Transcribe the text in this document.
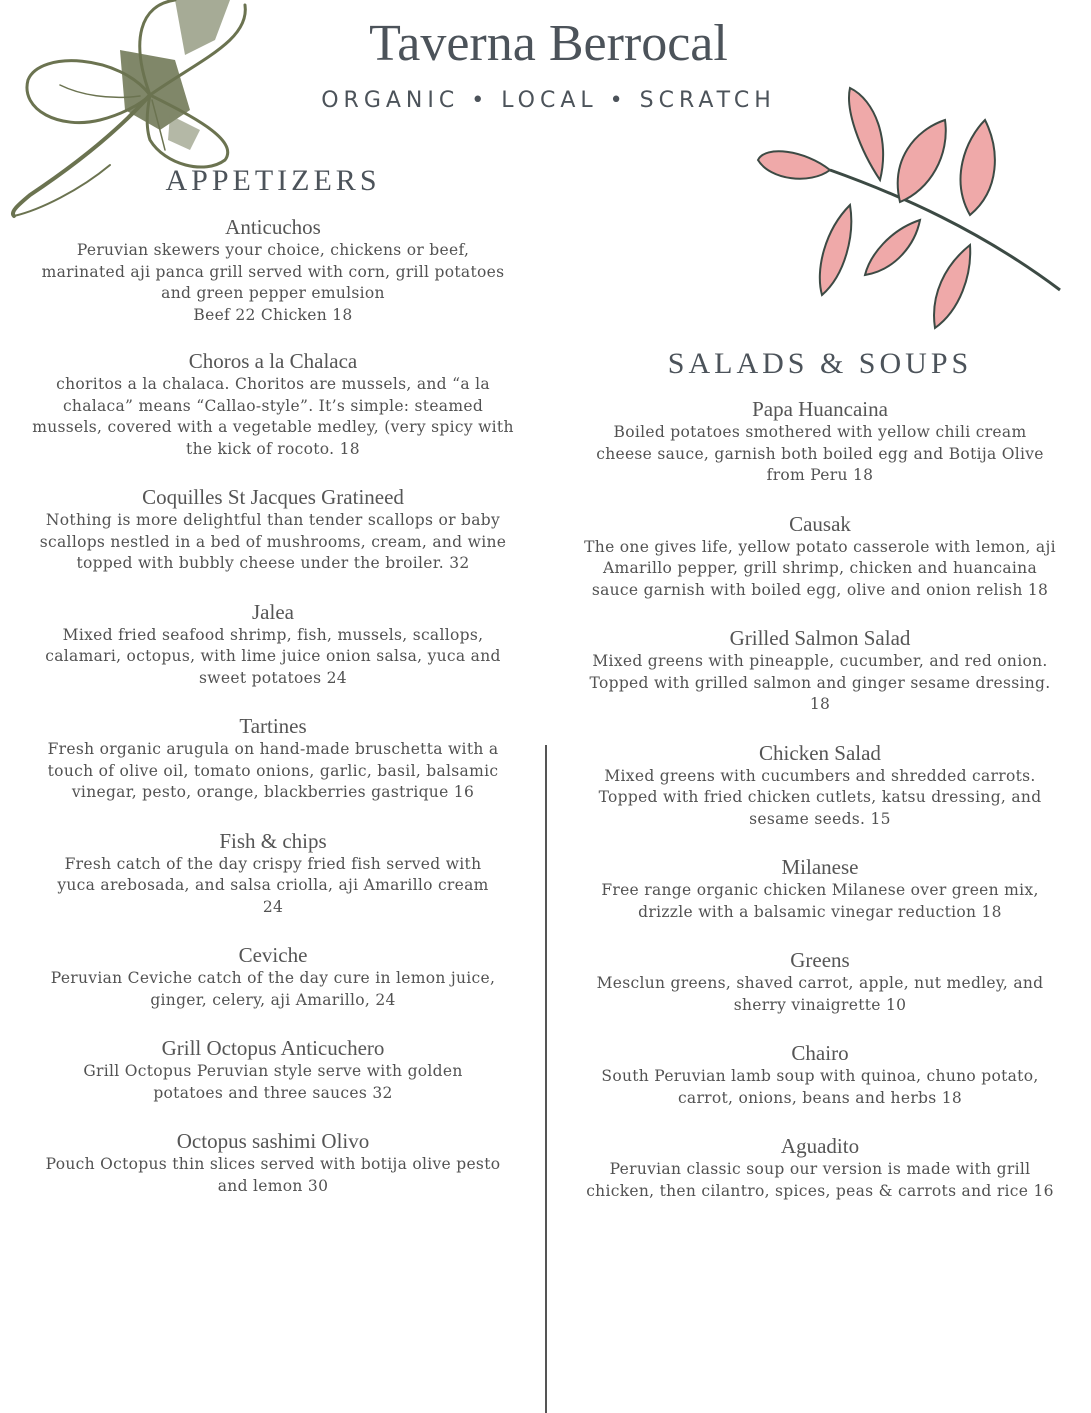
Taverna Berrocal
ORGANIC • LOCAL • SCRATCH
APPETIZERS
Anticuchos
Peruvian skewers your choice, chickens or beef, marinated aji panca grill served with corn, grill potatoes and green pepper emulsion
Beef 22 Chicken 18
Choros a la Chalaca
choritos a la chalaca. Choritos are mussels, and “a la chalaca” means “Callao-style”. It’s simple: steamed mussels, covered with a vegetable medley, (very spicy with the kick of rocoto. 18
Coquilles St Jacques Gratineed
Nothing is more delightful than tender scallops or baby scallops nestled in a bed of mushrooms, cream, and wine topped with bubbly cheese under the broiler. 32
Jalea
Mixed fried seafood shrimp, fish, mussels, scallops, calamari, octopus, with lime juice onion salsa, yuca and sweet potatoes 24
Tartines
Fresh organic arugula on hand-made bruschetta with a touch of olive oil, tomato onions, garlic, basil, balsamic vinegar, pesto, orange, blackberries gastrique 16
Fish & chips
Fresh catch of the day crispy fried fish served with yuca arebosada, and salsa criolla, aji Amarillo cream 24
Ceviche
Peruvian Ceviche catch of the day cure in lemon juice, ginger, celery, aji Amarillo, 24
Grill Octopus Anticuchero
Grill Octopus Peruvian style serve with golden potatoes and three sauces 32
Octopus sashimi Olivo
Pouch Octopus thin slices served with botija olive pesto and lemon 30
SALADS & SOUPS
Papa Huancaina
Boiled potatoes smothered with yellow chili cream cheese sauce, garnish both boiled egg and Botija Olive from Peru 18
Causak
The one gives life, yellow potato casserole with lemon, aji Amarillo pepper, grill shrimp, chicken and huancaina sauce garnish with boiled egg, olive and onion relish 18
Grilled Salmon Salad
Mixed greens with pineapple, cucumber, and red onion. Topped with grilled salmon and ginger sesame dressing. 18
Chicken Salad
Mixed greens with cucumbers and shredded carrots. Topped with fried chicken cutlets, katsu dressing, and sesame seeds. 15
Milanese
Free range organic chicken Milanese over green mix, drizzle with a balsamic vinegar reduction 18
Greens
Mesclun greens, shaved carrot, apple, nut medley, and sherry vinaigrette 10
Chairo
South Peruvian lamb soup with quinoa, chuno potato, carrot, onions, beans and herbs 18
Aguadito
Peruvian classic soup our version is made with grill chicken, then cilantro, spices, peas & carrots and rice 16
